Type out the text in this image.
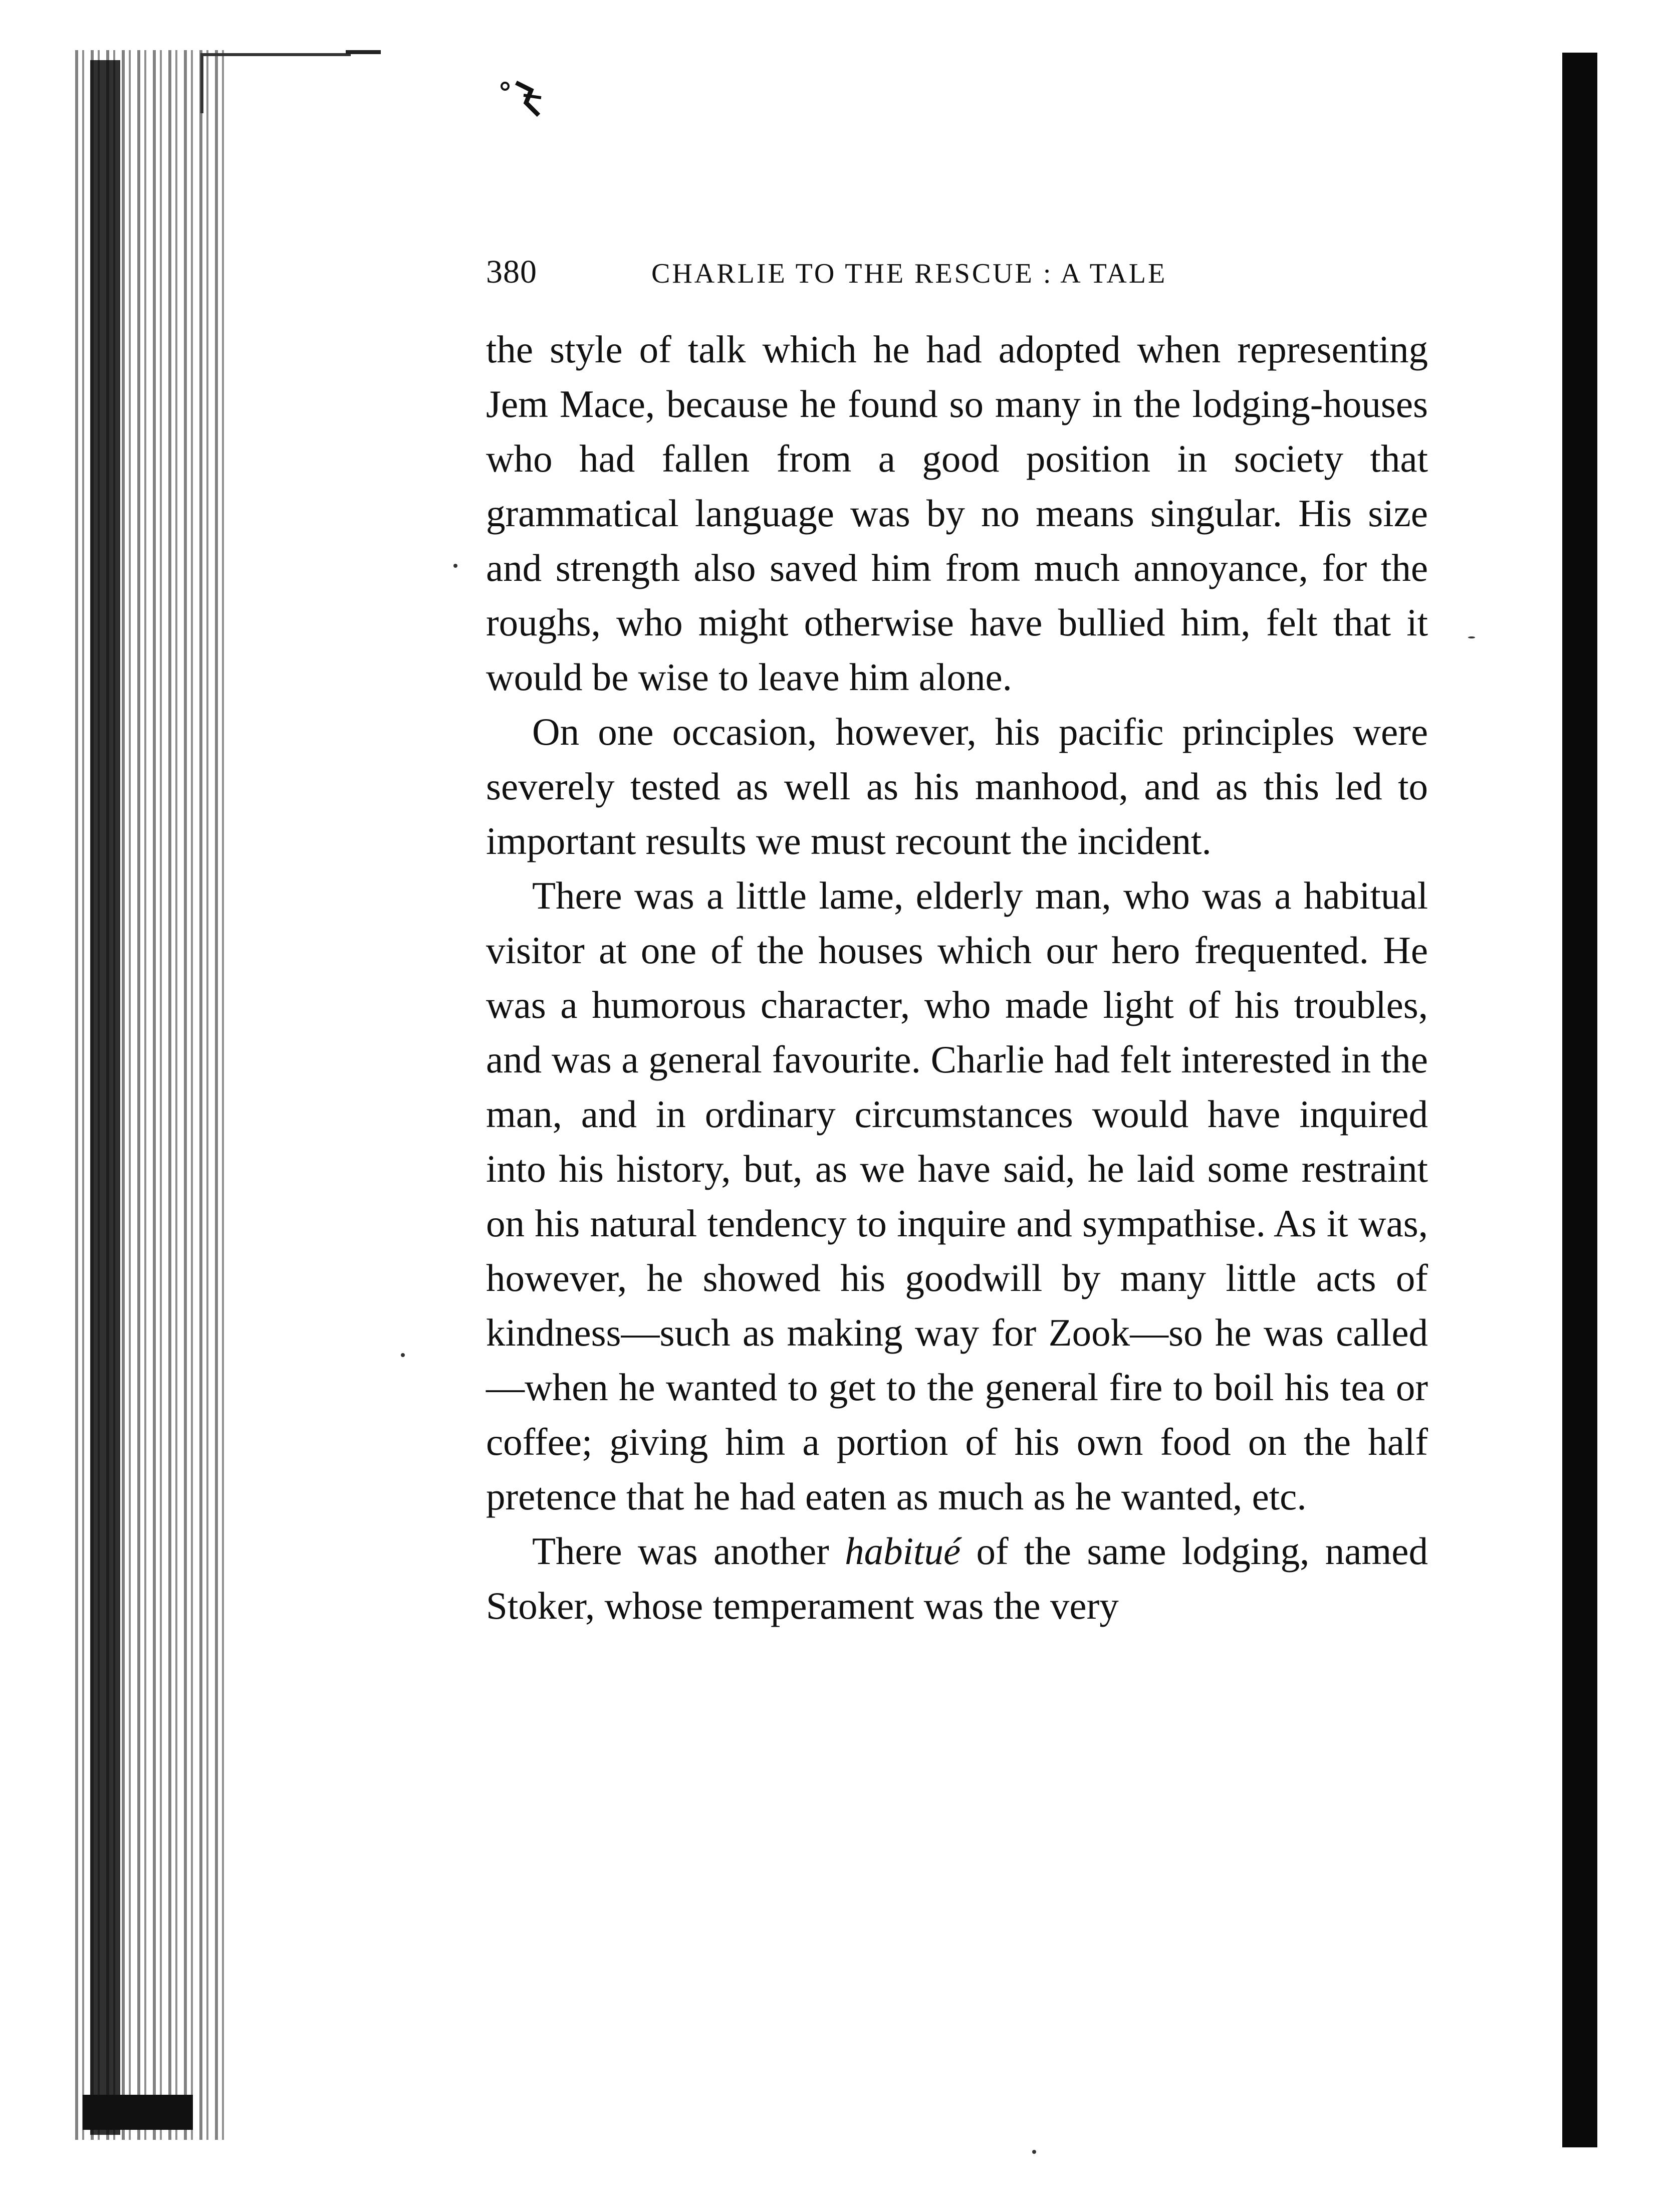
380	CHARLIE TO THE RESCUE : A TALE

the style of talk which he had adopted when representing Jem Mace, because he found so many in the lodging-houses who had fallen from a good position in society that grammatical language was by no means singular. His size and strength also saved him from much annoyance, for the roughs, who might otherwise have bullied him, felt that it would be wise to leave him alone.

On one occasion, however, his pacific principles were severely tested as well as his manhood, and as this led to important results we must recount the incident.

There was a little lame, elderly man, who was a habitual visitor at one of the houses which our hero frequented. He was a humorous character, who made light of his troubles, and was a general favourite. Charlie had felt interested in the man, and in ordinary circumstances would have inquired into his history, but, as we have said, he laid some restraint on his natural tendency to inquire and sympathise. As it was, however, he showed his goodwill by many little acts of kindness—such as making way for Zook—so he was called—when he wanted to get to the general fire to boil his tea or coffee; giving him a portion of his own food on the half pretence that he had eaten as much as he wanted, etc.

There was another habitué of the same lodging, named Stoker, whose temperament was the very
